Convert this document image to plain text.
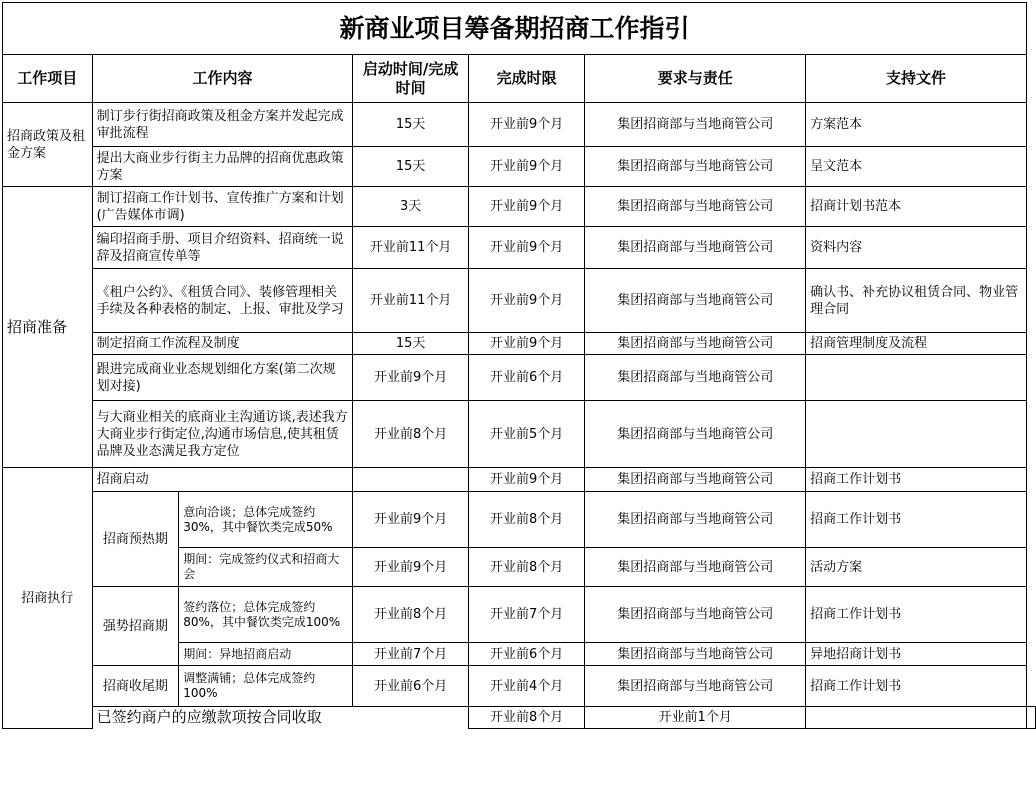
新商业项目筹备期招商工作指引							
工作项目	工作内容		启动时间/完成时间	完成时限	要求与责任	支持文件	
招商政策及租金方案	制订步行街招商政策及租金方案并发起完成审批流程		15天	开业前9个月	集团招商部与当地商管公司	方案范本	
	提出大商业步行街主力品牌的招商优惠政策方案		15天	开业前9个月	集团招商部与当地商管公司	呈文范本	
招商准备	制订招商工作计划书、宣传推广方案和计划(广告媒体市调)		3天	开业前9个月	集团招商部与当地商管公司	招商计划书范本	
	编印招商手册、项目介绍资料、招商统一说辞及招商宣传单等		开业前11个月	开业前9个月	集团招商部与当地商管公司	资料内容	
	《租户公约》、《租赁合同》、装修管理相关手续及各种表格的制定、上报、审批及学习		开业前11个月	开业前9个月	集团招商部与当地商管公司	确认书、补充协议租赁合同、物业管理合同	
	制定招商工作流程及制度		15天	开业前9个月	集团招商部与当地商管公司	招商管理制度及流程	
	跟进完成商业业态规划细化方案(第二次规划对接)		开业前9个月	开业前6个月	集团招商部与当地商管公司		
	与大商业相关的底商业主沟通访谈,表述我方大商业步行街定位,沟通市场信息,使其租赁品牌及业态满足我方定位		开业前8个月	开业前5个月	集团招商部与当地商管公司		
招商执行	招商启动			开业前9个月	集团招商部与当地商管公司	招商工作计划书	
	招商预热期	意向洽谈；总体完成签约30%，其中餐饮类完成50%	开业前9个月	开业前8个月	集团招商部与当地商管公司	招商工作计划书	
		期间：完成签约仪式和招商大会	开业前9个月	开业前8个月	集团招商部与当地商管公司	活动方案	
	强势招商期	签约落位；总体完成签约80%，其中餐饮类完成100%	开业前8个月	开业前7个月	集团招商部与当地商管公司	招商工作计划书	
		期间：异地招商启动	开业前7个月	开业前6个月	集团招商部与当地商管公司	异地招商计划书	
	招商收尾期	调整满铺；总体完成签约100%	开业前6个月	开业前4个月	集团招商部与当地商管公司	招商工作计划书	
	已签约商户的应缴款项按合同收取			开业前8个月	开业前1个月		
